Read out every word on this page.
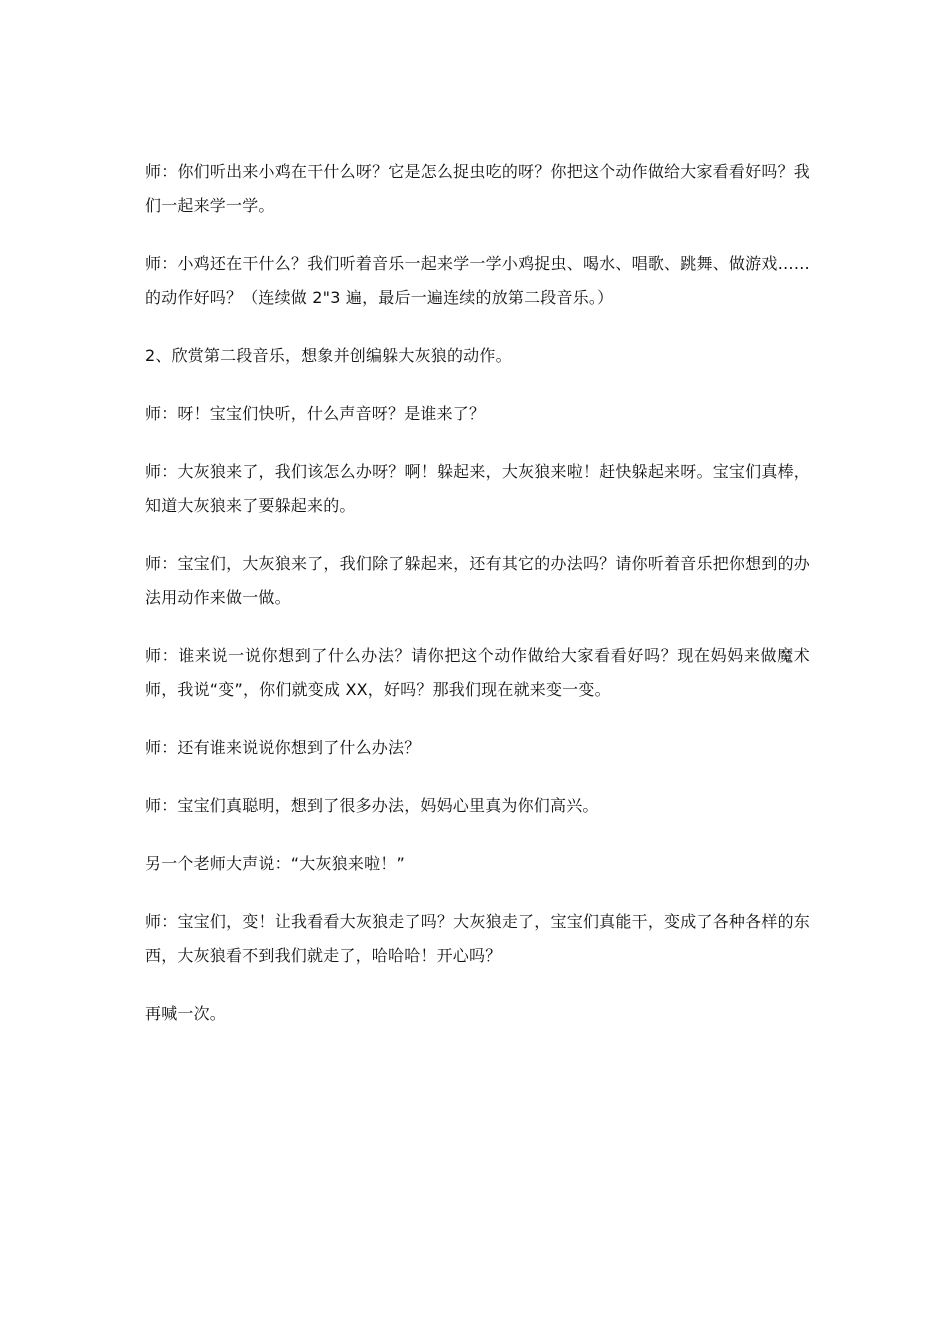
师：你们听出来小鸡在干什么呀？它是怎么捉虫吃的呀？你把这个动作做给大家看看好吗？我们一起来学一学。

师：小鸡还在干什么？我们听着音乐一起来学一学小鸡捉虫、喝水、唱歌、跳舞、做游戏……的动作好吗？（连续做 2"3 遍，最后一遍连续的放第二段音乐。）

2、欣赏第二段音乐，想象并创编躲大灰狼的动作。

师：呀！宝宝们快听，什么声音呀？是谁来了？

师：大灰狼来了，我们该怎么办呀？啊！躲起来，大灰狼来啦！赶快躲起来呀。宝宝们真棒，知道大灰狼来了要躲起来的。

师：宝宝们，大灰狼来了，我们除了躲起来，还有其它的办法吗？请你听着音乐把你想到的办法用动作来做一做。

师：谁来说一说你想到了什么办法？请你把这个动作做给大家看看好吗？现在妈妈来做魔术师，我说“变”，你们就变成 XX，好吗？那我们现在就来变一变。

师：还有谁来说说你想到了什么办法？

师：宝宝们真聪明，想到了很多办法，妈妈心里真为你们高兴。

另一个老师大声说：“大灰狼来啦！”

师：宝宝们，变！让我看看大灰狼走了吗？大灰狼走了，宝宝们真能干，变成了各种各样的东西，大灰狼看不到我们就走了，哈哈哈！开心吗？

再喊一次。
